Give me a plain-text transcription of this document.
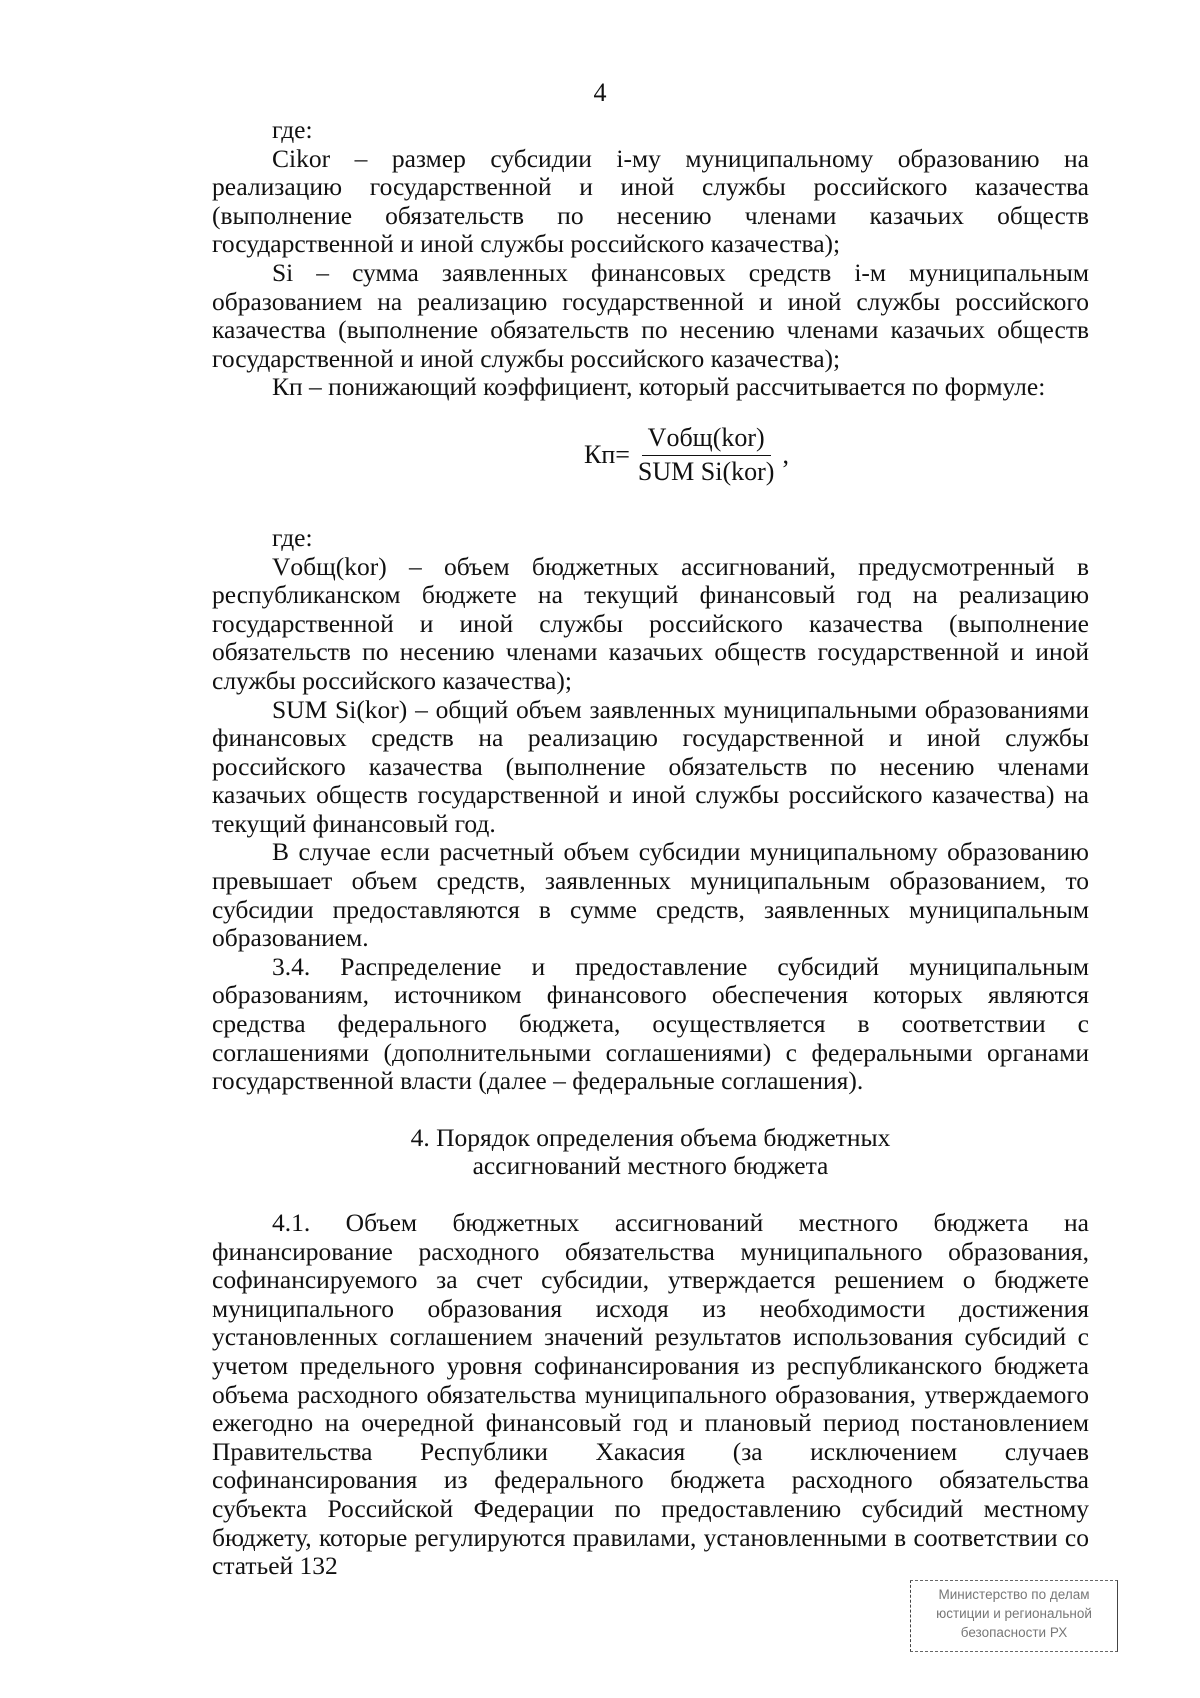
4

где:

Cikor – размер субсидии i-му муниципальному образованию на реализацию государственной и иной службы российского казачества (выполнение обязательств по несению членами казачьих обществ государственной и иной службы российского казачества);

Si – сумма заявленных финансовых средств i-м муниципальным образованием на реализацию государственной и иной службы российского казачества (выполнение обязательств по несению членами казачьих обществ государственной и иной службы российского казачества);

Кп – понижающий коэффициент, который рассчитывается по формуле:

$Кп= \frac{\text{Vобщ(kor)}}{\text{SUM Si(kor)}}$ ,

где:

Vобщ(kor) – объем бюджетных ассигнований, предусмотренный в республиканском бюджете на текущий финансовый год на реализацию государственной и иной службы российского казачества (выполнение обязательств по несению членами казачьих обществ государственной и иной службы российского казачества);

SUM Si(kor) – общий объем заявленных муниципальными образованиями финансовых средств на реализацию государственной и иной службы российского казачества (выполнение обязательств по несению членами казачьих обществ государственной и иной службы российского казачества) на текущий финансовый год.

В случае если расчетный объем субсидии муниципальному образованию превышает объем средств, заявленных муниципальным образованием, то субсидии предоставляются в сумме средств, заявленных муниципальным образованием.

3.4. Распределение и предоставление субсидий муниципальным образованиям, источником финансового обеспечения которых являются средства федерального бюджета, осуществляется в соответствии с соглашениями (дополнительными соглашениями) с федеральными органами государственной власти (далее – федеральные соглашения).

4. Порядок определения объема бюджетных
ассигнований местного бюджета

4.1. Объем бюджетных ассигнований местного бюджета на финансирование расходного обязательства муниципального образования, софинансируемого за счет субсидии, утверждается решением о бюджете муниципального образования исходя из необходимости достижения установленных соглашением значений результатов использования субсидий с учетом предельного уровня софинансирования из республиканского бюджета объема расходного обязательства муниципального образования, утверждаемого ежегодно на очередной финансовый год и плановый период постановлением Правительства Республики Хакасия (за исключением случаев софинансирования из федерального бюджета расходного обязательства субъекта Российской Федерации по предоставлению субсидий местному бюджету, которые регулируются правилами, установленными в соответствии со статьей 132

Министерство по делам
юстиции и региональной
безопасности РХ
